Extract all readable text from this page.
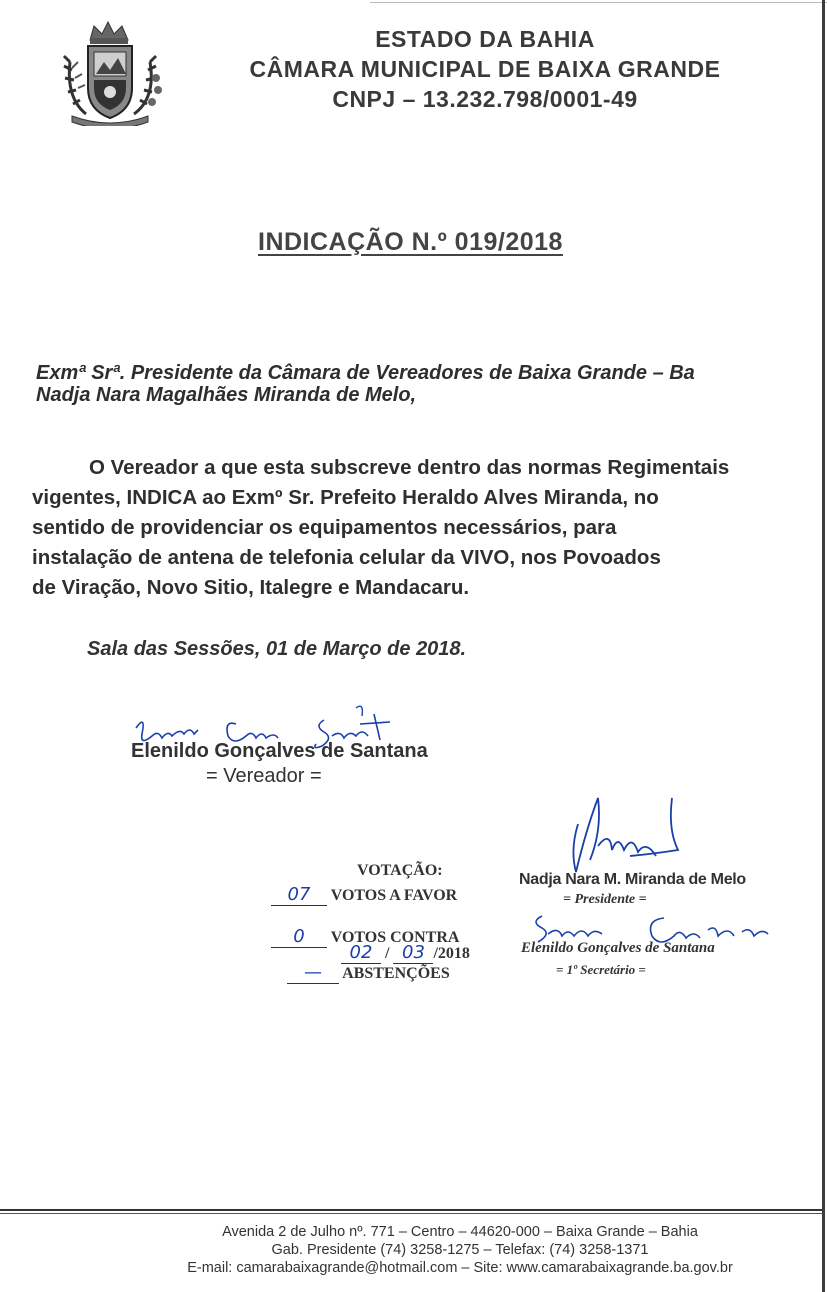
ESTADO DA BAHIA
CÂMARA MUNICIPAL DE BAIXA GRANDE
CNPJ – 13.232.798/0001-49
INDICAÇÃO N.º 019/2018
Exmª Srª. Presidente da Câmara de Vereadores de Baixa Grande – Ba
Nadja Nara Magalhães Miranda de Melo,
O Vereador a que esta subscreve dentro das normas Regimentais
vigentes, INDICA ao Exmº Sr. Prefeito Heraldo Alves Miranda, no
sentido de providenciar os equipamentos necessários, para
instalação de antena de telefonia celular da VIVO, nos Povoados
de Viração, Novo Sitio, Italegre e Mandacaru.
Sala das Sessões, 01 de Março de 2018.
Elenildo Gonçalves de Santana
= Vereador =
VOTAÇÃO:
07 VOTOS A FAVOR
0 VOTOS CONTRA
02 / 03 /2018
— ABSTENÇÕES
Nadja Nara M. Miranda de Melo
= Presidente =
Elenildo Gonçalves de Santana
= 1º Secretário =
Avenida 2 de Julho nº. 771 – Centro – 44620-000 – Baixa Grande – Bahia
Gab. Presidente (74) 3258-1275 – Telefax: (74) 3258-1371
E-mail: camarabaixagrande@hotmail.com – Site: www.camarabaixagrande.ba.gov.br
